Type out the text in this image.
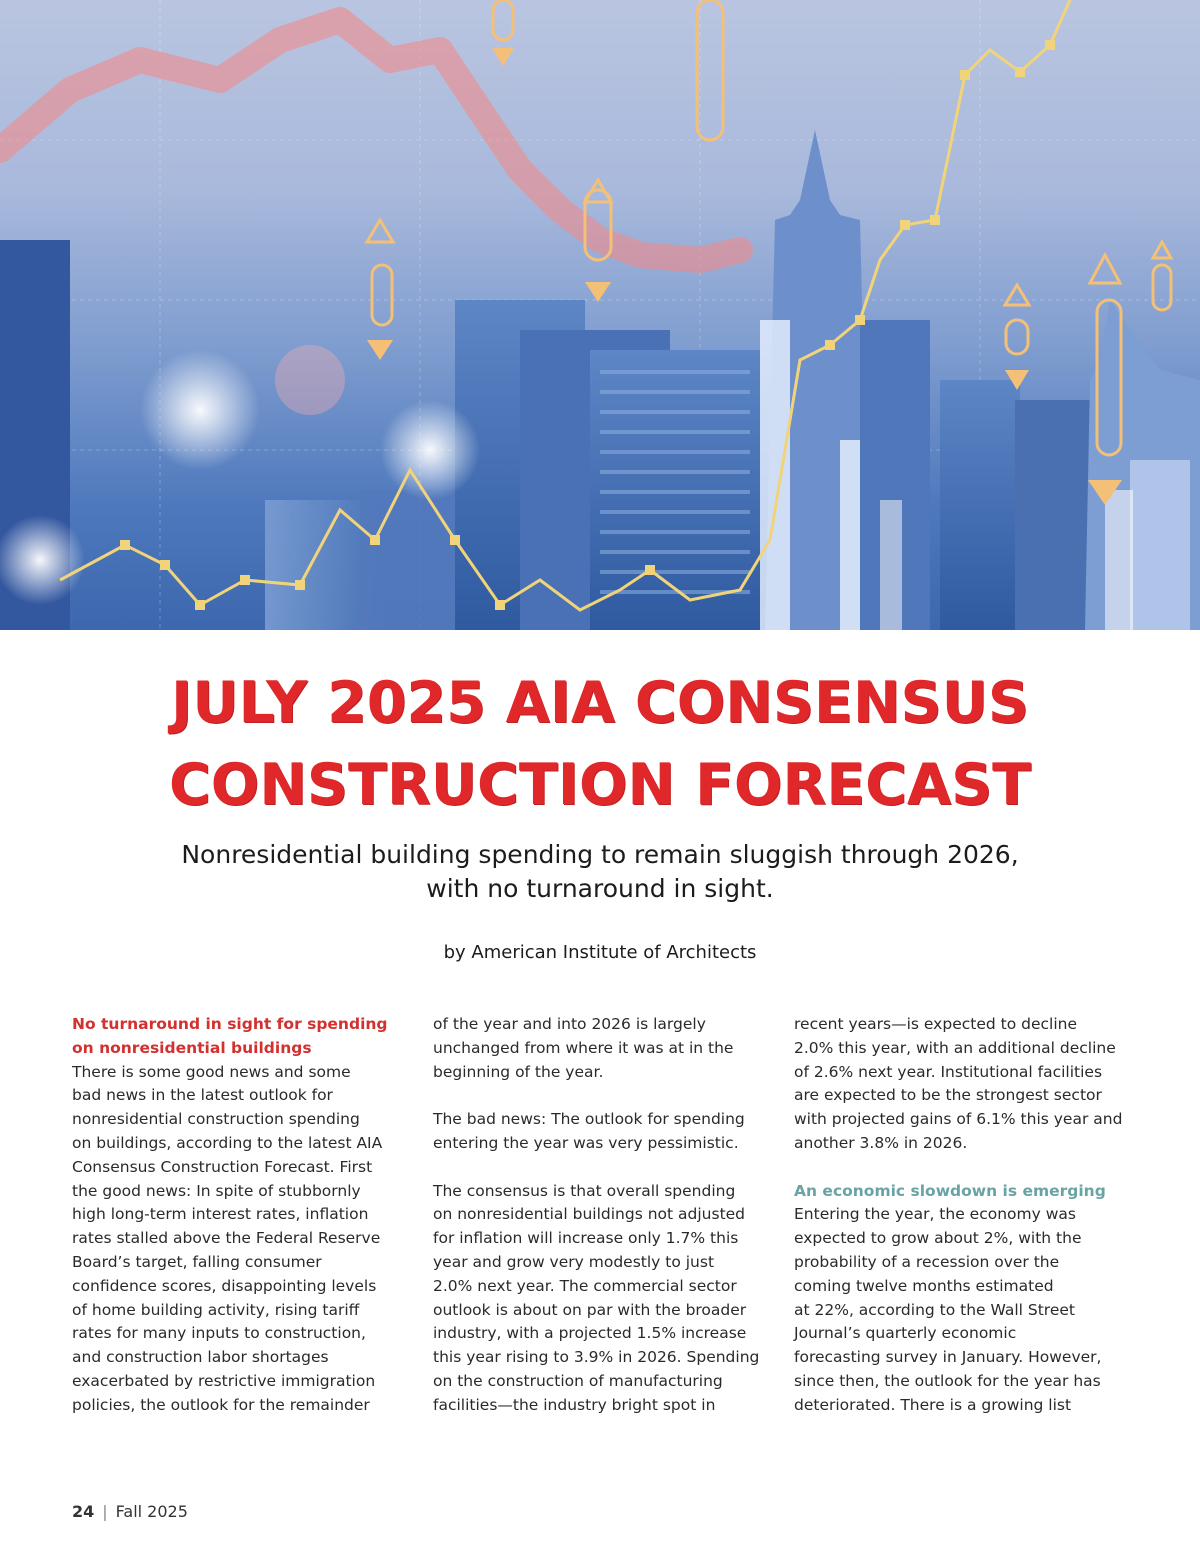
JULY 2025 AIA CONSENSUS
CONSTRUCTION FORECAST
Nonresidential building spending to remain sluggish through 2026,
with no turnaround in sight.
by American Institute of Architects

No turnaround in sight for spending

on nonresidential buildings

There is some good news and some

bad news in the latest outlook for

nonresidential construction spending

on buildings, according to the latest AIA

Consensus Construction Forecast. First

the good news: In spite of stubbornly

high long-term interest rates, inflation

rates stalled above the Federal Reserve

Board’s target, falling consumer

confidence scores, disappointing levels

of home building activity, rising tariff

rates for many inputs to construction,

and construction labor shortages

exacerbated by restrictive immigration

policies, the outlook for the remainder

of the year and into 2026 is largely

unchanged from where it was at in the

beginning of the year.

The bad news: The outlook for spending

entering the year was very pessimistic.

The consensus is that overall spending

on nonresidential buildings not adjusted

for inflation will increase only 1.7% this

year and grow very modestly to just

2.0% next year. The commercial sector

outlook is about on par with the broader

industry, with a projected 1.5% increase

this year rising to 3.9% in 2026. Spending

on the construction of manufacturing

facilities—the industry bright spot in

recent years—is expected to decline

2.0% this year, with an additional decline

of 2.6% next year. Institutional facilities

are expected to be the strongest sector

with projected gains of 6.1% this year and

another 3.8% in 2026.

An economic slowdown is emerging

Entering the year, the economy was

expected to grow about 2%, with the

probability of a recession over the

coming twelve months estimated

at 22%, according to the Wall Street

Journal’s quarterly economic

forecasting survey in January. However,

since then, the outlook for the year has

deteriorated. There is a growing list

24 | Fall 2025
